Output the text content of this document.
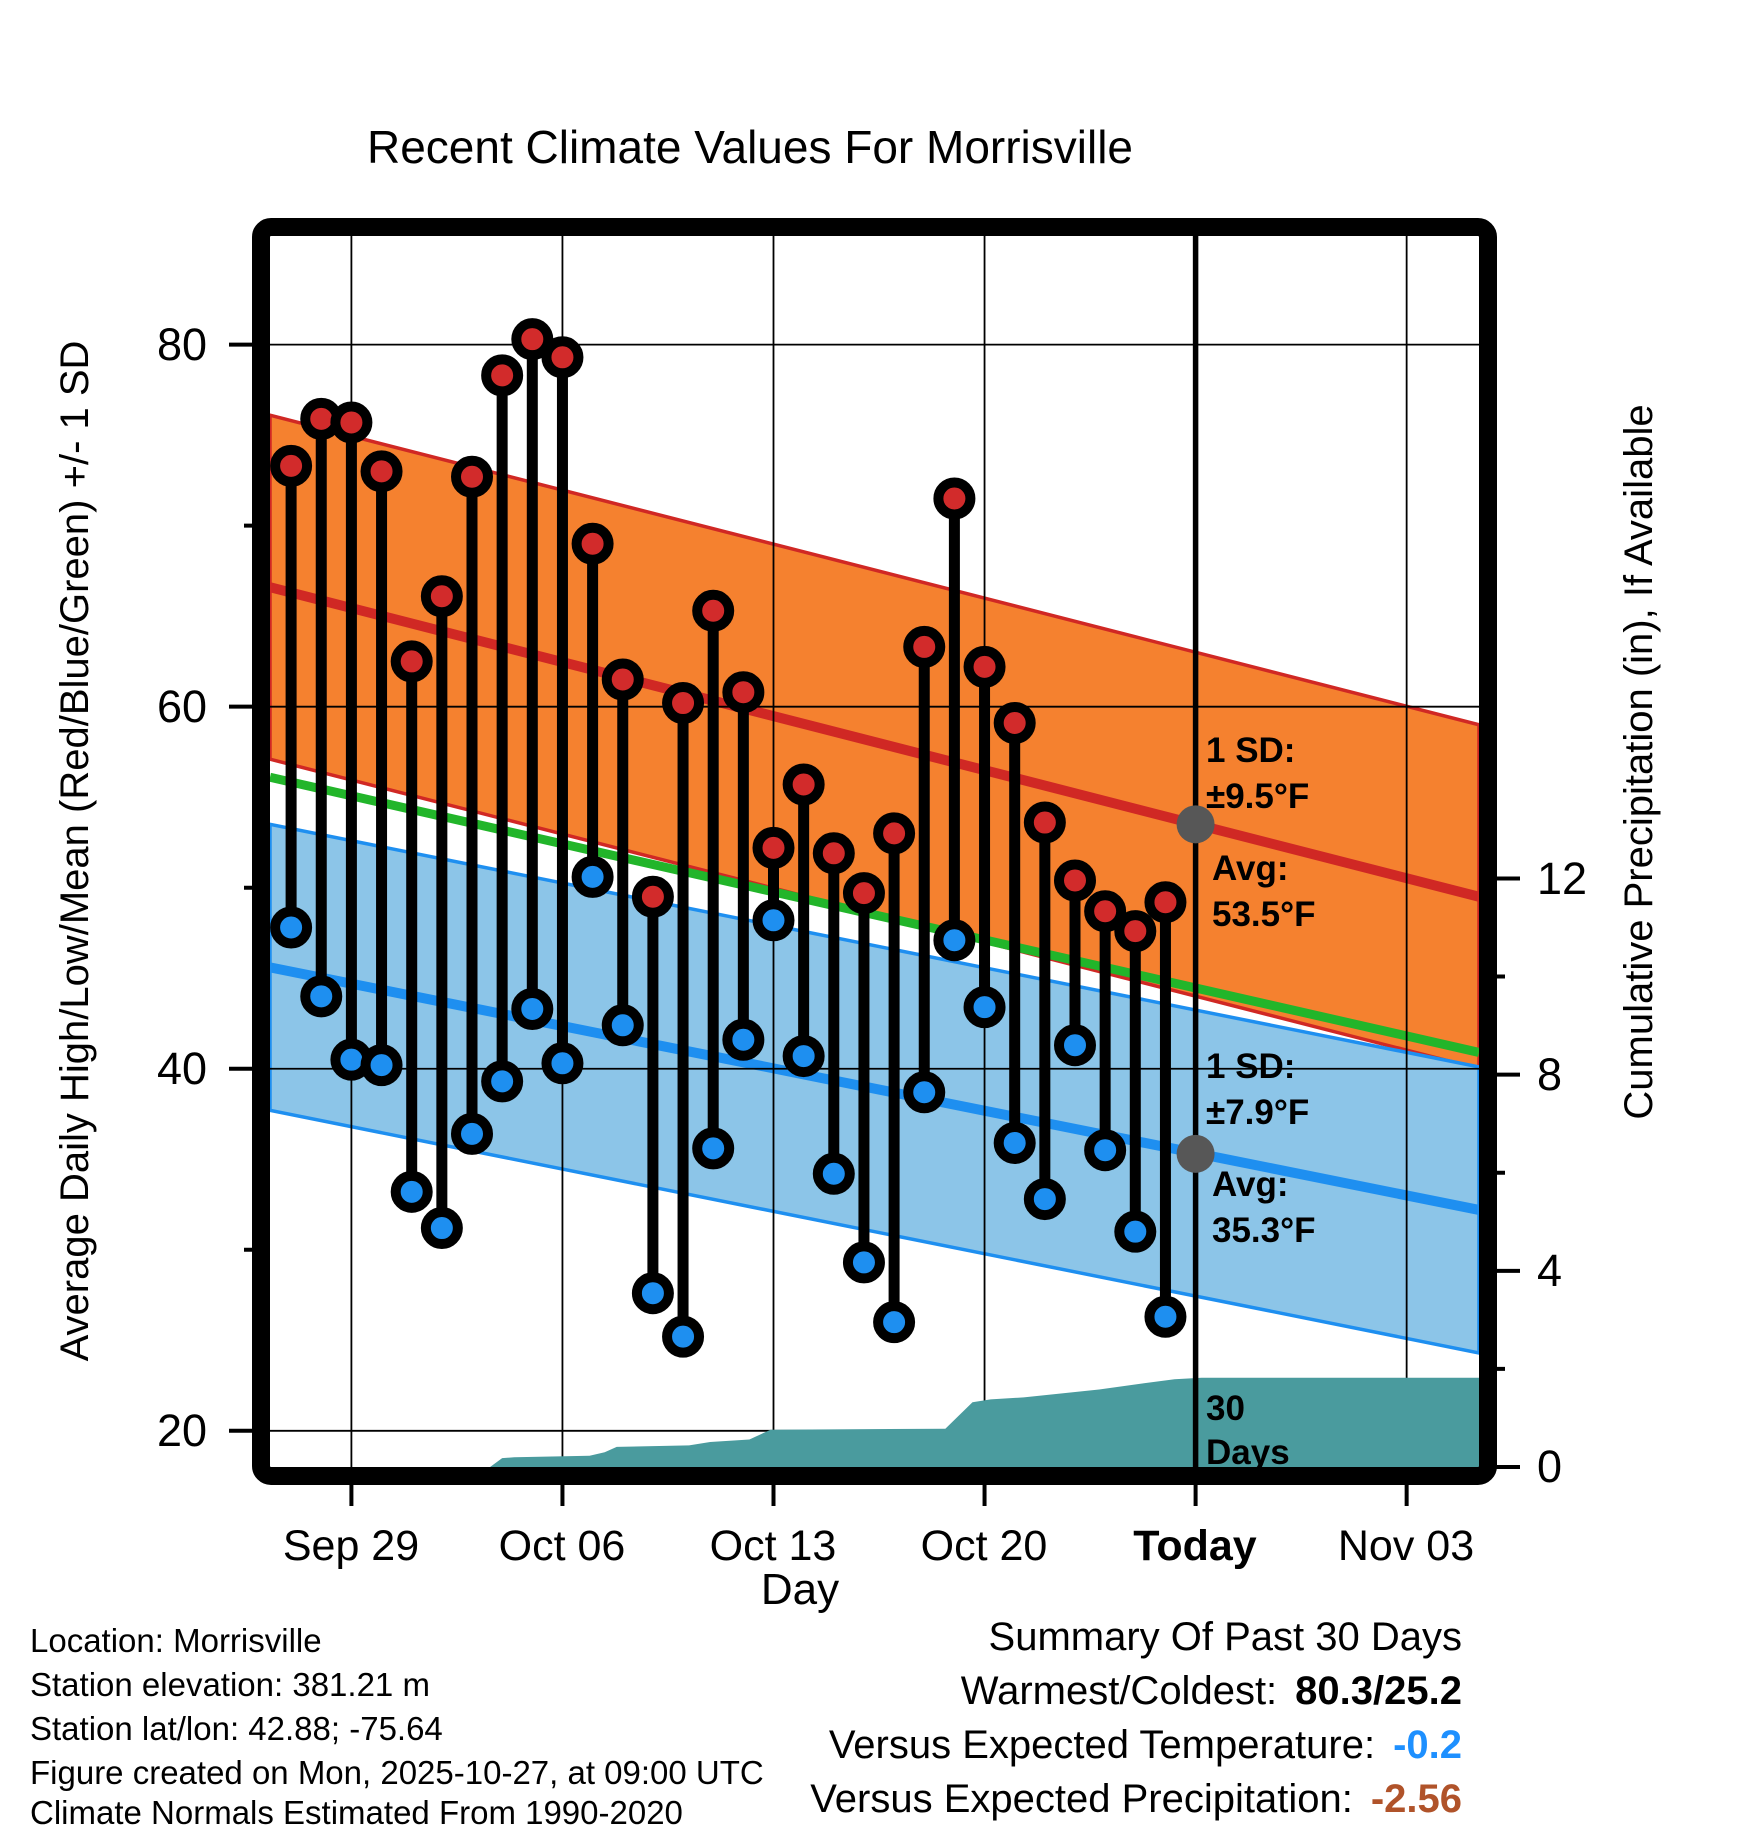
Recent Climate Values For Morrisville
Average Daily High/Low/Mean (Red/Blue/Green) +/- 1 SD	Cumulative Precipitation (in), If Available
Day
Sep 29 Oct 06 Oct 13 Oct 20 Today Nov 03
80
60
40
20
12
8
4
0
1 SD:
±9.5°F
Avg:
53.5°F
1 SD:
±7.9°F
Avg:
35.3°F
30
Days
Location: Morrisville
Station elevation: 381.21 m
Station lat/lon: 42.88; -75.64
Figure created on Mon, 2025-10-27, at 09:00 UTC
Climate Normals Estimated From 1990-2020
Summary Of Past 30 Days
Warmest/Coldest: 80.3/25.2
Versus Expected Temperature: -0.2
Versus Expected Precipitation: -2.56
